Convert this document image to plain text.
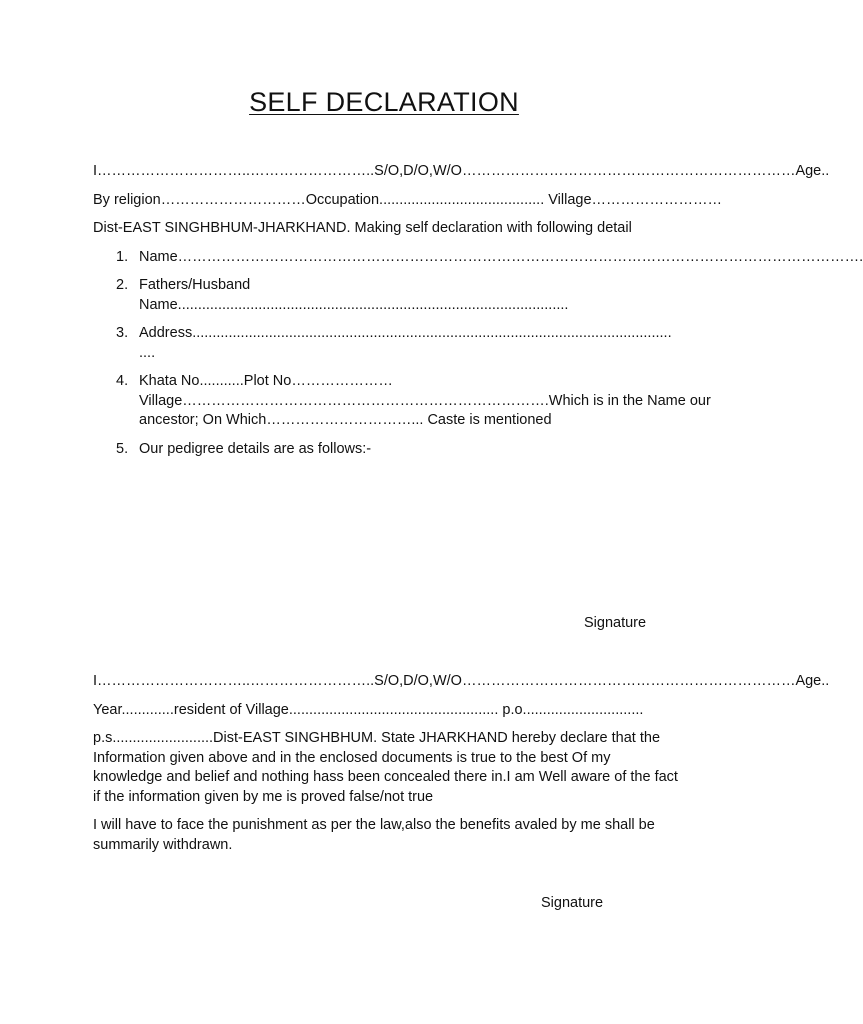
SELF DECLARATION
I…………………………..……………………..S/O,D/O,W/O……………………………………………………………Age..
By religion…………………………Occupation......................................... Village………………………
Dist-EAST SINGHBHUM-JHARKHAND. Making self declaration with following detail
1. Name…………………………………………………………………………………………………………………………….
2. Fathers/Husband
Name.................................................................................................
3. Address.......................................................................................................................
....
4. Khata No...........Plot No…………………
Village………………………………………………………………….Which is in the Name our
ancestor; On Which…………………………... Caste is mentioned
5. Our pedigree details are as follows:-
Signature
I…………………………..……………………..S/O,D/O,W/O……………………………………………………………Age..
Year.............resident of Village.................................................... p.o..............................
p.s.........................Dist-EAST SINGHBHUM. State JHARKHAND hereby declare that the Information given above and in the enclosed documents is true to the best Of my knowledge and belief and nothing hass been concealed there in.I am Well aware of the fact if the information given by me is proved false/not true
I will have to face the punishment as per the law,also the benefits avaled by me shall be summarily withdrawn.
Signature
